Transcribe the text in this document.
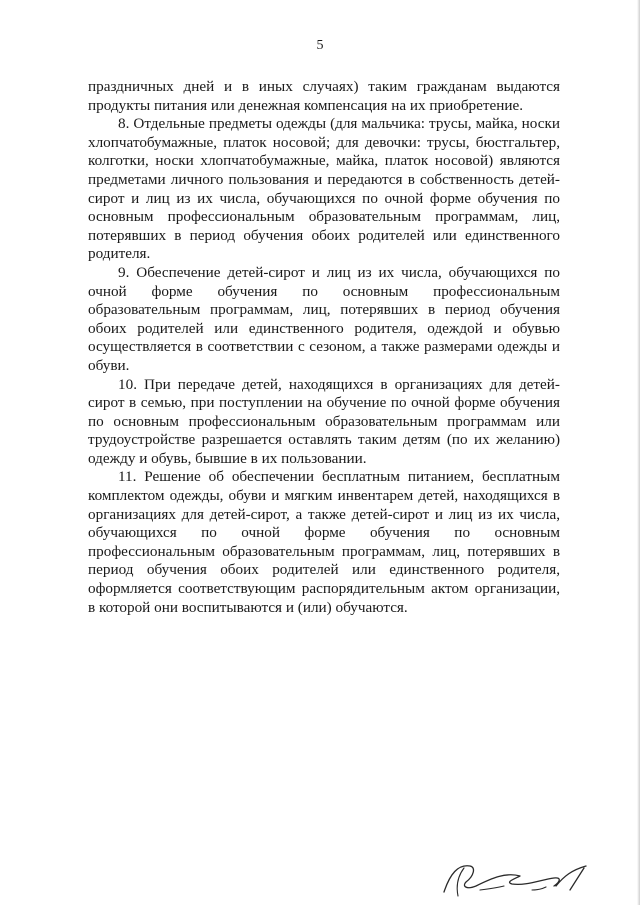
5

праздничных дней и в иных случаях) таким гражданам выдаются продукты питания или денежная компенсация на их приобретение.

8. Отдельные предметы одежды (для мальчика: трусы, майка, носки хлопчатобумажные, платок носовой; для девочки: трусы, бюстгальтер, колготки, носки хлопчатобумажные, майка, платок носовой) являются предметами личного пользования и передаются в собственность детей-сирот и лиц из их числа, обучающихся по очной форме обучения по основным профессиональным образовательным программам, лиц, потерявших в период обучения обоих родителей или единственного родителя.

9. Обеспечение детей-сирот и лиц из их числа, обучающихся по очной форме обучения по основным профессиональным образовательным программам, лиц, потерявших в период обучения обоих родителей или единственного родителя, одеждой и обувью осуществляется в соответствии с сезоном, а также размерами одежды и обуви.

10. При передаче детей, находящихся в организациях для детей-сирот в семью, при поступлении на обучение по очной форме обучения по основным профессиональным образовательным программам или трудоустройстве разрешается оставлять таким детям (по их желанию) одежду и обувь, бывшие в их пользовании.

11. Решение об обеспечении бесплатным питанием, бесплатным комплектом одежды, обуви и мягким инвентарем детей, находящихся в организациях для детей-сирот, а также детей-сирот и лиц из их числа, обучающихся по очной форме обучения по основным профессиональным образовательным программам, лиц, потерявших в период обучения обоих родителей или единственного родителя, оформляется соответствующим распорядительным актом организации, в которой они воспитываются и (или) обучаются.
